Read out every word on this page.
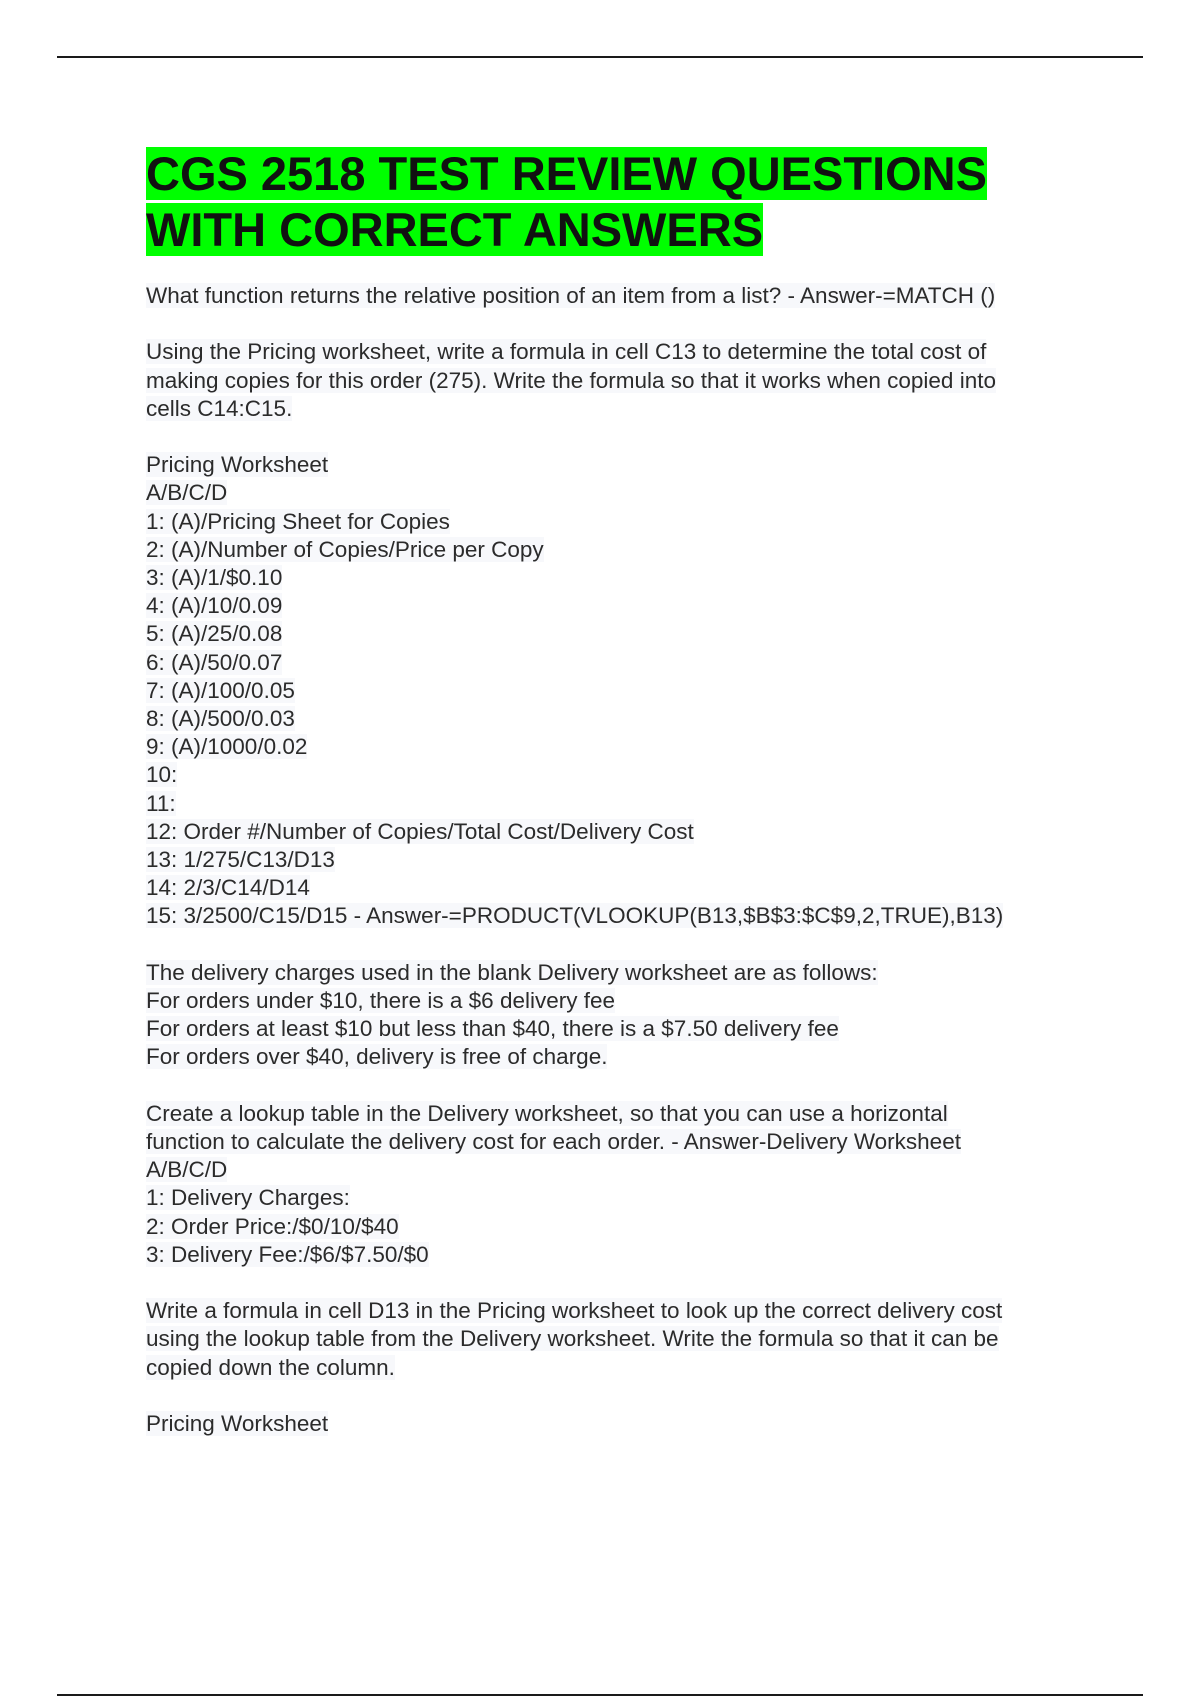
CGS 2518 TEST REVIEW QUESTIONS
WITH CORRECT ANSWERS

What function returns the relative position of an item from a list? - Answer-=MATCH ()

Using the Pricing worksheet, write a formula in cell C13 to determine the total cost of
making copies for this order (275). Write the formula so that it works when copied into
cells C14:C15.

Pricing Worksheet
A/B/C/D
1: (A)/Pricing Sheet for Copies
2: (A)/Number of Copies/Price per Copy
3: (A)/1/$0.10
4: (A)/10/0.09
5: (A)/25/0.08
6: (A)/50/0.07
7: (A)/100/0.05
8: (A)/500/0.03
9: (A)/1000/0.02
10:
11:
12: Order #/Number of Copies/Total Cost/Delivery Cost
13: 1/275/C13/D13
14: 2/3/C14/D14
15: 3/2500/C15/D15 - Answer-=PRODUCT(VLOOKUP(B13,$B$3:$C$9,2,TRUE),B13)

The delivery charges used in the blank Delivery worksheet are as follows:
For orders under $10, there is a $6 delivery fee
For orders at least $10 but less than $40, there is a $7.50 delivery fee
For orders over $40, delivery is free of charge.

Create a lookup table in the Delivery worksheet, so that you can use a horizontal
function to calculate the delivery cost for each order. - Answer-Delivery Worksheet
A/B/C/D
1: Delivery Charges:
2: Order Price:/$0/10/$40
3: Delivery Fee:/$6/$7.50/$0

Write a formula in cell D13 in the Pricing worksheet to look up the correct delivery cost
using the lookup table from the Delivery worksheet. Write the formula so that it can be
copied down the column.

Pricing Worksheet
